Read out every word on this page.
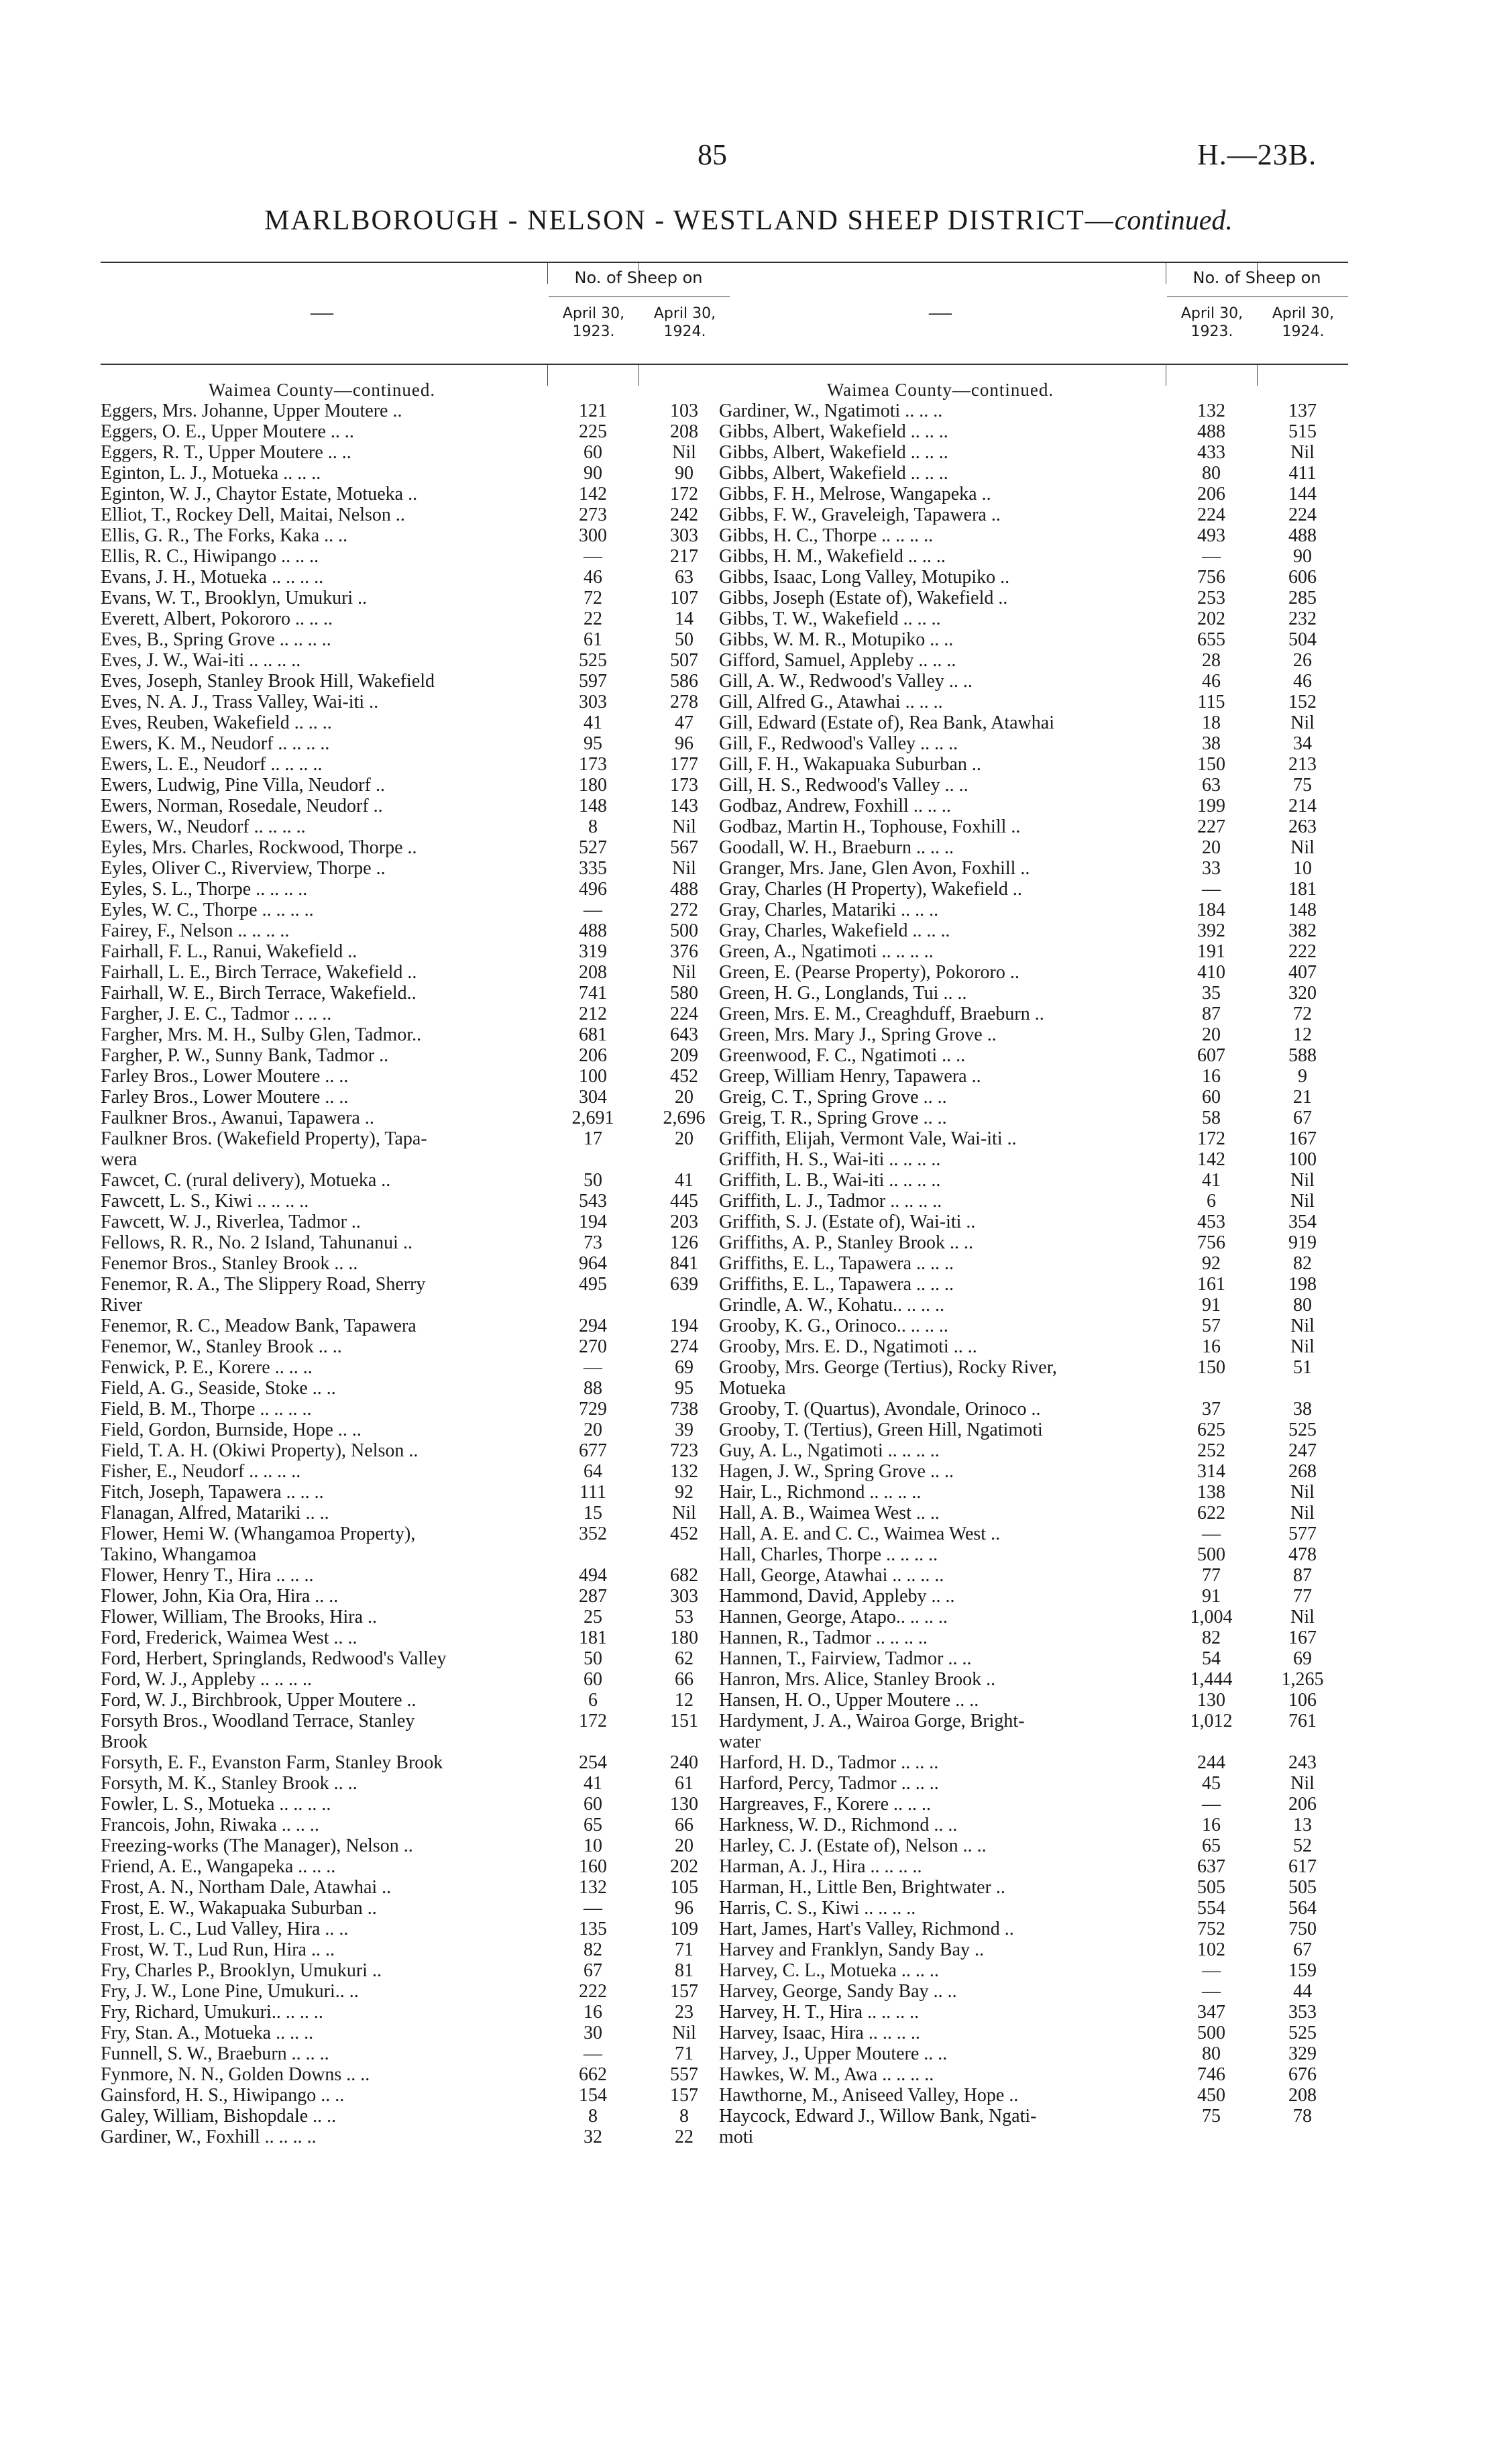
85	H.—23B.
MARLBOROUGH - NELSON - WESTLAND SHEEP DISTRICT—continued.
—
No. of Sheep on
April 30, 1923.
April 30, 1924.
Waimea County—continued.
Eggers, Mrs. Johanne, Upper Moutere ..	121	103
Eggers, O. E., Upper Moutere .. ..	225	208
Eggers, R. T., Upper Moutere .. ..	60	Nil
Eginton, L. J., Motueka .. .. ..	90	90
Eginton, W. J., Chaytor Estate, Motueka ..	142	172
Elliot, T., Rockey Dell, Maitai, Nelson ..	273	242
Ellis, G. R., The Forks, Kaka .. ..	300	303
Ellis, R. C., Hiwipango .. .. ..	—	217
Evans, J. H., Motueka .. .. .. ..	46	63
Evans, W. T., Brooklyn, Umukuri ..	72	107
Everett, Albert, Pokororo .. .. ..	22	14
Eves, B., Spring Grove .. .. .. ..	61	50
Eves, J. W., Wai-iti .. .. .. ..	525	507
Eves, Joseph, Stanley Brook Hill, Wakefield	597	586
Eves, N. A. J., Trass Valley, Wai-iti ..	303	278
Eves, Reuben, Wakefield .. .. ..	41	47
Ewers, K. M., Neudorf .. .. .. ..	95	96
Ewers, L. E., Neudorf .. .. .. ..	173	177
Ewers, Ludwig, Pine Villa, Neudorf ..	180	173
Ewers, Norman, Rosedale, Neudorf ..	148	143
Ewers, W., Neudorf .. .. .. ..	8	Nil
Eyles, Mrs. Charles, Rockwood, Thorpe ..	527	567
Eyles, Oliver C., Riverview, Thorpe ..	335	Nil
Eyles, S. L., Thorpe .. .. .. ..	496	488
Eyles, W. C., Thorpe .. .. .. ..	—	272
Fairey, F., Nelson .. .. .. ..	488	500
Fairhall, F. L., Ranui, Wakefield ..	319	376
Fairhall, L. E., Birch Terrace, Wakefield ..	208	Nil
Fairhall, W. E., Birch Terrace, Wakefield..	741	580
Fargher, J. E. C., Tadmor .. .. ..	212	224
Fargher, Mrs. M. H., Sulby Glen, Tadmor..	681	643
Fargher, P. W., Sunny Bank, Tadmor ..	206	209
Farley Bros., Lower Moutere .. ..	100	452
Farley Bros., Lower Moutere .. ..	304	20
Faulkner Bros., Awanui, Tapawera ..	2,691	2,696
Faulkner Bros. (Wakefield Property), Tapa-	17	20
wera
Fawcet, C. (rural delivery), Motueka ..	50	41
Fawcett, L. S., Kiwi .. .. .. ..	543	445
Fawcett, W. J., Riverlea, Tadmor ..	194	203
Fellows, R. R., No. 2 Island, Tahunanui ..	73	126
Fenemor Bros., Stanley Brook .. ..	964	841
Fenemor, R. A., The Slippery Road, Sherry	495	639
River
Fenemor, R. C., Meadow Bank, Tapawera	294	194
Fenemor, W., Stanley Brook .. ..	270	274
Fenwick, P. E., Korere .. .. ..	—	69
Field, A. G., Seaside, Stoke .. ..	88	95
Field, B. M., Thorpe .. .. .. ..	729	738
Field, Gordon, Burnside, Hope .. ..	20	39
Field, T. A. H. (Okiwi Property), Nelson ..	677	723
Fisher, E., Neudorf .. .. .. ..	64	132
Fitch, Joseph, Tapawera .. .. ..	111	92
Flanagan, Alfred, Matariki .. ..	15	Nil
Flower, Hemi W. (Whangamoa Property),	352	452
Takino, Whangamoa
Flower, Henry T., Hira .. .. ..	494	682
Flower, John, Kia Ora, Hira .. ..	287	303
Flower, William, The Brooks, Hira ..	25	53
Ford, Frederick, Waimea West .. ..	181	180
Ford, Herbert, Springlands, Redwood's Valley	50	62
Ford, W. J., Appleby .. .. .. ..	60	66
Ford, W. J., Birchbrook, Upper Moutere ..	6	12
Forsyth Bros., Woodland Terrace, Stanley	172	151
Brook
Forsyth, E. F., Evanston Farm, Stanley Brook	254	240
Forsyth, M. K., Stanley Brook .. ..	41	61
Fowler, L. S., Motueka .. .. .. ..	60	130
Francois, John, Riwaka .. .. ..	65	66
Freezing-works (The Manager), Nelson ..	10	20
Friend, A. E., Wangapeka .. .. ..	160	202
Frost, A. N., Northam Dale, Atawhai ..	132	105
Frost, E. W., Wakapuaka Suburban ..	—	96
Frost, L. C., Lud Valley, Hira .. ..	135	109
Frost, W. T., Lud Run, Hira .. ..	82	71
Fry, Charles P., Brooklyn, Umukuri ..	67	81
Fry, J. W., Lone Pine, Umukuri.. ..	222	157
Fry, Richard, Umukuri.. .. .. ..	16	23
Fry, Stan. A., Motueka .. .. ..	30	Nil
Funnell, S. W., Braeburn .. .. ..	—	71
Fynmore, N. N., Golden Downs .. ..	662	557
Gainsford, H. S., Hiwipango .. ..	154	157
Galey, William, Bishopdale .. ..	8	8
Gardiner, W., Foxhill .. .. .. ..	32	22
—
No. of Sheep on
April 30, 1923.
April 30, 1924.
Waimea County—continued.
Gardiner, W., Ngatimoti .. .. ..	132	137
Gibbs, Albert, Wakefield .. .. ..	488	515
Gibbs, Albert, Wakefield .. .. ..	433	Nil
Gibbs, Albert, Wakefield .. .. ..	80	411
Gibbs, F. H., Melrose, Wangapeka ..	206	144
Gibbs, F. W., Graveleigh, Tapawera ..	224	224
Gibbs, H. C., Thorpe .. .. .. ..	493	488
Gibbs, H. M., Wakefield .. .. ..	—	90
Gibbs, Isaac, Long Valley, Motupiko ..	756	606
Gibbs, Joseph (Estate of), Wakefield ..	253	285
Gibbs, T. W., Wakefield .. .. ..	202	232
Gibbs, W. M. R., Motupiko .. ..	655	504
Gifford, Samuel, Appleby .. .. ..	28	26
Gill, A. W., Redwood's Valley .. ..	46	46
Gill, Alfred G., Atawhai .. .. ..	115	152
Gill, Edward (Estate of), Rea Bank, Atawhai	18	Nil
Gill, F., Redwood's Valley .. .. ..	38	34
Gill, F. H., Wakapuaka Suburban ..	150	213
Gill, H. S., Redwood's Valley .. ..	63	75
Godbaz, Andrew, Foxhill .. .. ..	199	214
Godbaz, Martin H., Tophouse, Foxhill ..	227	263
Goodall, W. H., Braeburn .. .. ..	20	Nil
Granger, Mrs. Jane, Glen Avon, Foxhill ..	33	10
Gray, Charles (H Property), Wakefield ..	—	181
Gray, Charles, Matariki .. .. ..	184	148
Gray, Charles, Wakefield .. .. ..	392	382
Green, A., Ngatimoti .. .. .. ..	191	222
Green, E. (Pearse Property), Pokororo ..	410	407
Green, H. G., Longlands, Tui .. ..	35	320
Green, Mrs. E. M., Creaghduff, Braeburn ..	87	72
Green, Mrs. Mary J., Spring Grove ..	20	12
Greenwood, F. C., Ngatimoti .. ..	607	588
Greep, William Henry, Tapawera ..	16	9
Greig, C. T., Spring Grove .. ..	60	21
Greig, T. R., Spring Grove .. ..	58	67
Griffith, Elijah, Vermont Vale, Wai-iti ..	172	167
Griffith, H. S., Wai-iti .. .. .. ..	142	100
Griffith, L. B., Wai-iti .. .. .. ..	41	Nil
Griffith, L. J., Tadmor .. .. .. ..	6	Nil
Griffith, S. J. (Estate of), Wai-iti ..	453	354
Griffiths, A. P., Stanley Brook .. ..	756	919
Griffiths, E. L., Tapawera .. .. ..	92	82
Griffiths, E. L., Tapawera .. .. ..	161	198
Grindle, A. W., Kohatu.. .. .. ..	91	80
Grooby, K. G., Orinoco.. .. .. ..	57	Nil
Grooby, Mrs. E. D., Ngatimoti .. ..	16	Nil
Grooby, Mrs. George (Tertius), Rocky River,	150	51
Motueka
Grooby, T. (Quartus), Avondale, Orinoco ..	37	38
Grooby, T. (Tertius), Green Hill, Ngatimoti	625	525
Guy, A. L., Ngatimoti .. .. .. ..	252	247
Hagen, J. W., Spring Grove .. ..	314	268
Hair, L., Richmond .. .. .. ..	138	Nil
Hall, A. B., Waimea West .. ..	622	Nil
Hall, A. E. and C. C., Waimea West ..	—	577
Hall, Charles, Thorpe .. .. .. ..	500	478
Hall, George, Atawhai .. .. .. ..	77	87
Hammond, David, Appleby .. ..	91	77
Hannen, George, Atapo.. .. .. ..	1,004	Nil
Hannen, R., Tadmor .. .. .. ..	82	167
Hannen, T., Fairview, Tadmor .. ..	54	69
Hanron, Mrs. Alice, Stanley Brook ..	1,444	1,265
Hansen, H. O., Upper Moutere .. ..	130	106
Hardyment, J. A., Wairoa Gorge, Bright-	1,012	761
water
Harford, H. D., Tadmor .. .. ..	244	243
Harford, Percy, Tadmor .. .. ..	45	Nil
Hargreaves, F., Korere .. .. ..	—	206
Harkness, W. D., Richmond .. ..	16	13
Harley, C. J. (Estate of), Nelson .. ..	65	52
Harman, A. J., Hira .. .. .. ..	637	617
Harman, H., Little Ben, Brightwater ..	505	505
Harris, C. S., Kiwi .. .. .. ..	554	564
Hart, James, Hart's Valley, Richmond ..	752	750
Harvey and Franklyn, Sandy Bay ..	102	67
Harvey, C. L., Motueka .. .. ..	—	159
Harvey, George, Sandy Bay .. ..	—	44
Harvey, H. T., Hira .. .. .. ..	347	353
Harvey, Isaac, Hira .. .. .. ..	500	525
Harvey, J., Upper Moutere .. ..	80	329
Hawkes, W. M., Awa .. .. .. ..	746	676
Hawthorne, M., Aniseed Valley, Hope ..	450	208
Haycock, Edward J., Willow Bank, Ngati-	75	78
moti
